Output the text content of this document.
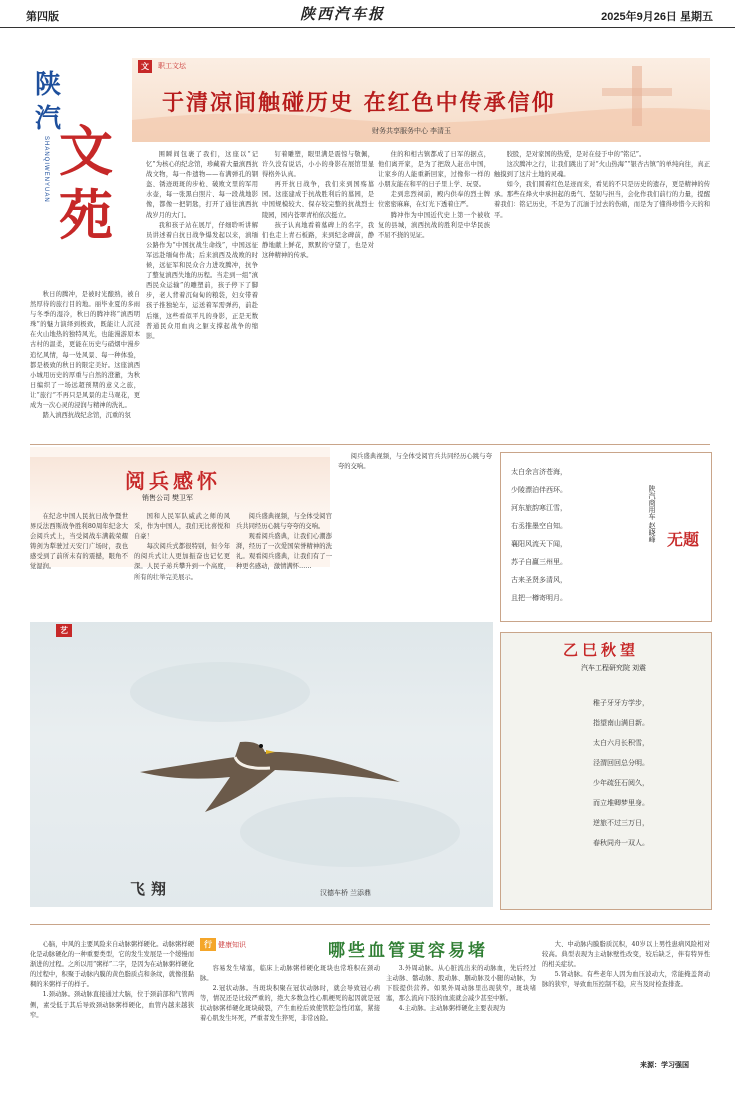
第四版	陕西汽车报	2025年9月26日 星期五
陕
汽
SHANQIWENYUAN 文
苑
文	职工文坛
于清凉间触碰历史 在红色中传承信仰
财务共享服务中心 李清玉

秋日的腾冲，是被时光酿熟，被自然厚待的旅行目的地。丽毕业夏的多雨与冬季的湿冷，秋日的腾冲将“滇西明珠”的魅力演绎到极致，既能让人沉浸在火山地热的独特风光，也能漫游原本古村的温柔，更能在历史与硝烟中漫步追忆风情，每一处风景、每一种体验，都是极致的秋日的限定美好。这座滇西小城用历史的厚重与自然的澄澈，为秋日编织了一场远超预期的意义之旅，让“旅行”不再只是风景的走马观花，更成为一次心灵的浸润与精神的洗礼。

踏入滇西抗战纪念馆，沉重的氛

围瞬间包裹了我们，这座以“记忆”为核心的纪念馆，珍藏着大量滇西抗战文物，每一件遗物——布满弹孔的钢盔、锈迹斑斑的步枪、破败文里的军用水壶，每一张黑白照片、每一段战地影像，都像一把钥匙，打开了通往滇西抗战岁月的大门。

我和孩子站在展厅，仔细聆听讲解员讲述着自抗日战争爆发起以来，滇缅公路作为“中国抗战生命线”，中国远征军远赴缅甸作战；后来滇西及战败的时候，远征军和民众合力进攻腾冲，抗争了整复滇西失地的历程。当走到一组“滇西民众运输”的雕塑前，孩子停下了脚步，老人背着沉甸甸的粮袋，妇女带着孩子推独轮车，运送着军需弹药，前赴后继，这些看似平凡的身影，正是无数普通民众用血肉之躯支撑起战争的缩影。

钉着雕塑，眼里满是震惊与敬佩，许久没有说话，小小的身影在展馆里显得格外认真。

再开抗日战争，我们来到国殇墓园。这座建成于抗战胜利后的墓园，是中国规模较大、保存较完整的抗战烈士陵园，园内苍翠青柏依次挺立。

孩子认真地看着墓碑上的名字，我们也走上青石板路，来到纪念碑前，静静地献上鲜花，默默的守望了，也是对这种精神的传承。

住的和相古镇都成了日军的据点，他们离开家，是为了把敌人赶出中国，让家乡的人能重新回家，过像你一样的小朋友能在和平的日子里上学、玩耍。

走到忠烈祠前，殿内供奉的烈士牌位密密麻麻，在灯光下透着庄严。

腾冲作为中国近代史上第一个被收复的县城，滇西抗战的胜利是中华民族不屈不挠的见证。

胶股，是对家国的热爱，是对在侵于中的“铭记”。

这次腾冲之行，让我们跳出了对“火山热海”“银杏古镇”的单纯向往，真正触摸到了这片土地的灵魂。

如今，我们圆着红色足迹而来，看见的不只是历史的遗存，更是精神的传承。那些在烽火中承担起的勇气、坚韧与担当，会化作我们前行的力量，提醒着我们：铭记历史，不是为了沉湎于过去的伤痛，而是为了懂得珍惜今天的和平。

阅兵感怀
销售公司 樊卫军

在纪念中国人民抗日战争暨世界反法西斯战争胜利80周年纪念大会阅兵式上，当受阅战车满载荣耀铸剑为犁驶过天安门广场时，我也感受到了前所未有的震撼，眼角不觉湿润。

国和人民军队威武之师的风采，作为中国人，我们无比喜悦和自豪！

每次阅兵式都很特别，但今年的阅兵式让人更加振奋也记忆更深。人民子弟兵攀升到一个高度，所有的壮举完美展示。

阅兵盛典视频，与全体受阅官兵共同经历心跳与夸夸的交响。

观看阅兵盛典，让我们心潮澎湃，经历了一次爱国荣誉精神的洗礼。观看阅兵盛典，让我们有了一种更名感动，激情满怀……

阅兵盛典视频，与全体受阅官兵共同经历心跳与夸夸的交响。

太白余言济苍海，
少陵漂泊伴西环。
河东旅韵寒江雪，
右丞推墨空自知。
襄阳风流天下闻，
苏子自赢三州里。
古来圣贤多清风，
且把一樽寄明月。
陕汽商用车 赵晓峰 无题
艺
飞翔	汉德车桥 兰添鼎
乙巳秋望
汽车工程研究院 刘震
稚子牙牙方学步，
指望南山满目新。
太白六月长积雪，
泾渭回回总分明。
少年疏狂石阅久，
而立堆卿梦里身。
逆旅不过三万日，
春秋同舟一双人。
行 健康知识	哪些血管更容易堵

心脑，中风的主要风险来自动脉粥样硬化。动脉粥样硬化是动脉硬化的一种重要类型，它的发生发展是一个缓慢而渐进的过程。之所以用“粥样”二字，是因为在动脉粥样硬化的过程中，积聚于动脉内膜的黄色脂质点和条纹，就像很黏稠的米粥样子的样子。

1.颈动脉。颈动脉直接通过大脑，位于颈前部和气管两侧，素受低于其后导致颈动脉粥样硬化，血管内越来越狭窄。

容易发生堵塞，临床上动脉粥样硬化斑块也常堆积在颈动脉。

2.冠状动脉。当斑块积聚在冠状动脉时，就会导致冠心病等，情况还是比较严重的，绝大多数急性心肌梗死的起因就是冠状动脉粥样硬化斑块破裂，产生血栓后致使管腔急性闭塞，紧接着心肌发生坏死，严重者发生猝死，非常凶险。

3.外周动脉。从心脏流出来的动脉血，先后经过主动脉、髂动脉、股动脉、腘动脉及小腿的动脉，为下肢提供营养。如果外周动脉里出现狭窄，斑块堵塞，那么流向下肢的血流就会减少甚至中断。

4.主动脉。主动脉粥样硬化主要表现为

大、中动脉内膜脂质沉积，40岁以上男性患病风险相对较高。典型表现为主动脉壁性改变，较后缺乏，伴有特异性的相关症状。

5.肾动脉。有些老年人因为血压波动大，常能掩盖肾动脉的狭窄，导致血压控制不稳，应当及时检查排查。

来源：学习强国
